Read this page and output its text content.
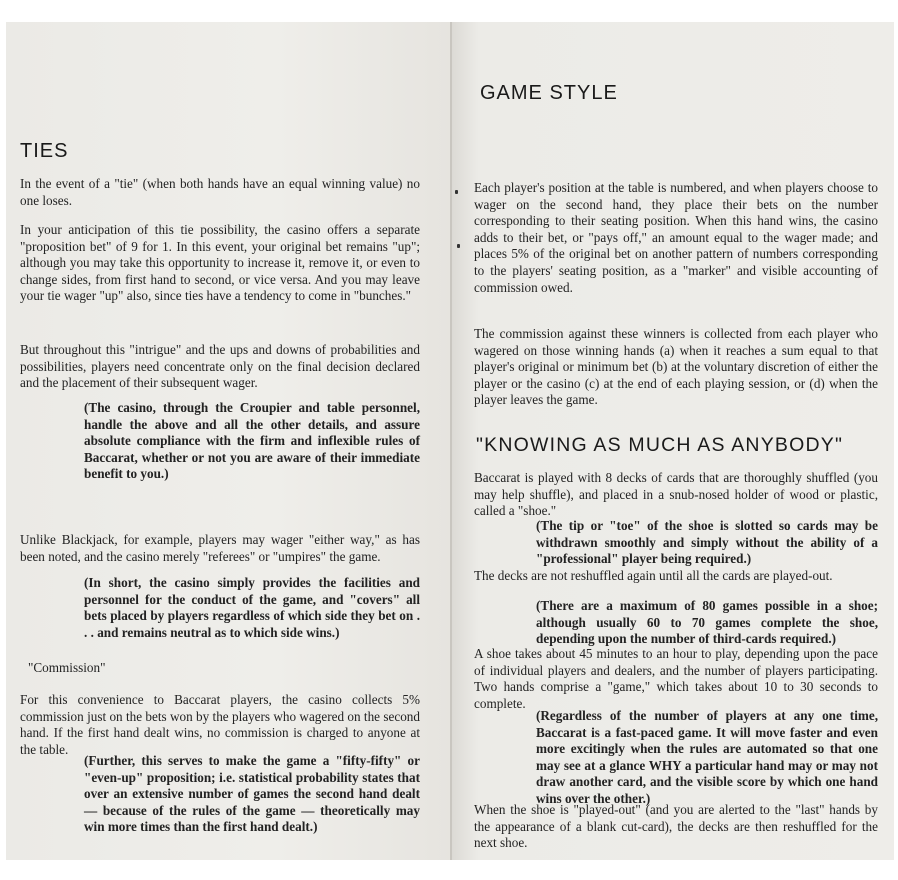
TIES

In the event of a "tie" (when both hands have an equal winning value) no one loses.

In your anticipation of this tie possibility, the casino offers a separate "proposition bet" of 9 for 1. In this event, your original bet remains "up"; although you may take this opportunity to increase it, remove it, or even to change sides, from first hand to second, or vice versa. And you may leave your tie wager "up" also, since ties have a tendency to come in "bunches."

But throughout this "intrigue" and the ups and downs of probabilities and possibilities, players need concentrate only on the final decision declared and the placement of their subsequent wager.

(The casino, through the Croupier and table personnel, handle the above and all the other details, and assure absolute compliance with the firm and inflexible rules of Baccarat, whether or not you are aware of their immediate benefit to you.)

Unlike Blackjack, for example, players may wager "either way," as has been noted, and the casino merely "referees" or "umpires" the game.

(In short, the casino simply provides the facilities and personnel for the conduct of the game, and "covers" all bets placed by players regardless of which side they bet on . . . and remains neutral as to which side wins.)

"Commission"

For this convenience to Baccarat players, the casino collects 5% commission just on the bets won by the players who wagered on the second hand. If the first hand dealt wins, no commission is charged to anyone at the table.

(Further, this serves to make the game a "fifty-fifty" or "even-up" proposition; i.e. statistical probability states that over an extensive number of games the second hand dealt — because of the rules of the game — theoretically may win more times than the first hand dealt.)

GAME STYLE

Each player's position at the table is numbered, and when players choose to wager on the second hand, they place their bets on the number corresponding to their seating position. When this hand wins, the casino adds to their bet, or "pays off," an amount equal to the wager made; and places 5% of the original bet on another pattern of numbers corresponding to the players' seating position, as a "marker" and visible accounting of commission owed.

The commission against these winners is collected from each player who wagered on those winning hands (a) when it reaches a sum equal to that player's original or minimum bet (b) at the voluntary discretion of either the player or the casino (c) at the end of each playing session, or (d) when the player leaves the game.

"KNOWING AS MUCH AS ANYBODY"

Baccarat is played with 8 decks of cards that are thoroughly shuffled (you may help shuffle), and placed in a snub-nosed holder of wood or plastic, called a "shoe."

(The tip or "toe" of the shoe is slotted so cards may be withdrawn smoothly and simply without the ability of a "professional" player being required.)

The decks are not reshuffled again until all the cards are played-out.

(There are a maximum of 80 games possible in a shoe; although usually 60 to 70 games complete the shoe, depending upon the number of third-cards required.)

A shoe takes about 45 minutes to an hour to play, depending upon the pace of individual players and dealers, and the number of players participating. Two hands comprise a "game," which takes about 10 to 30 seconds to complete.

(Regardless of the number of players at any one time, Baccarat is a fast-paced game. It will move faster and even more excitingly when the rules are automated so that one may see at a glance WHY a particular hand may or may not draw another card, and the visible score by which one hand wins over the other.)

When the shoe is "played-out" (and you are alerted to the "last" hands by the appearance of a blank cut-card), the decks are then reshuffled for the next shoe.
